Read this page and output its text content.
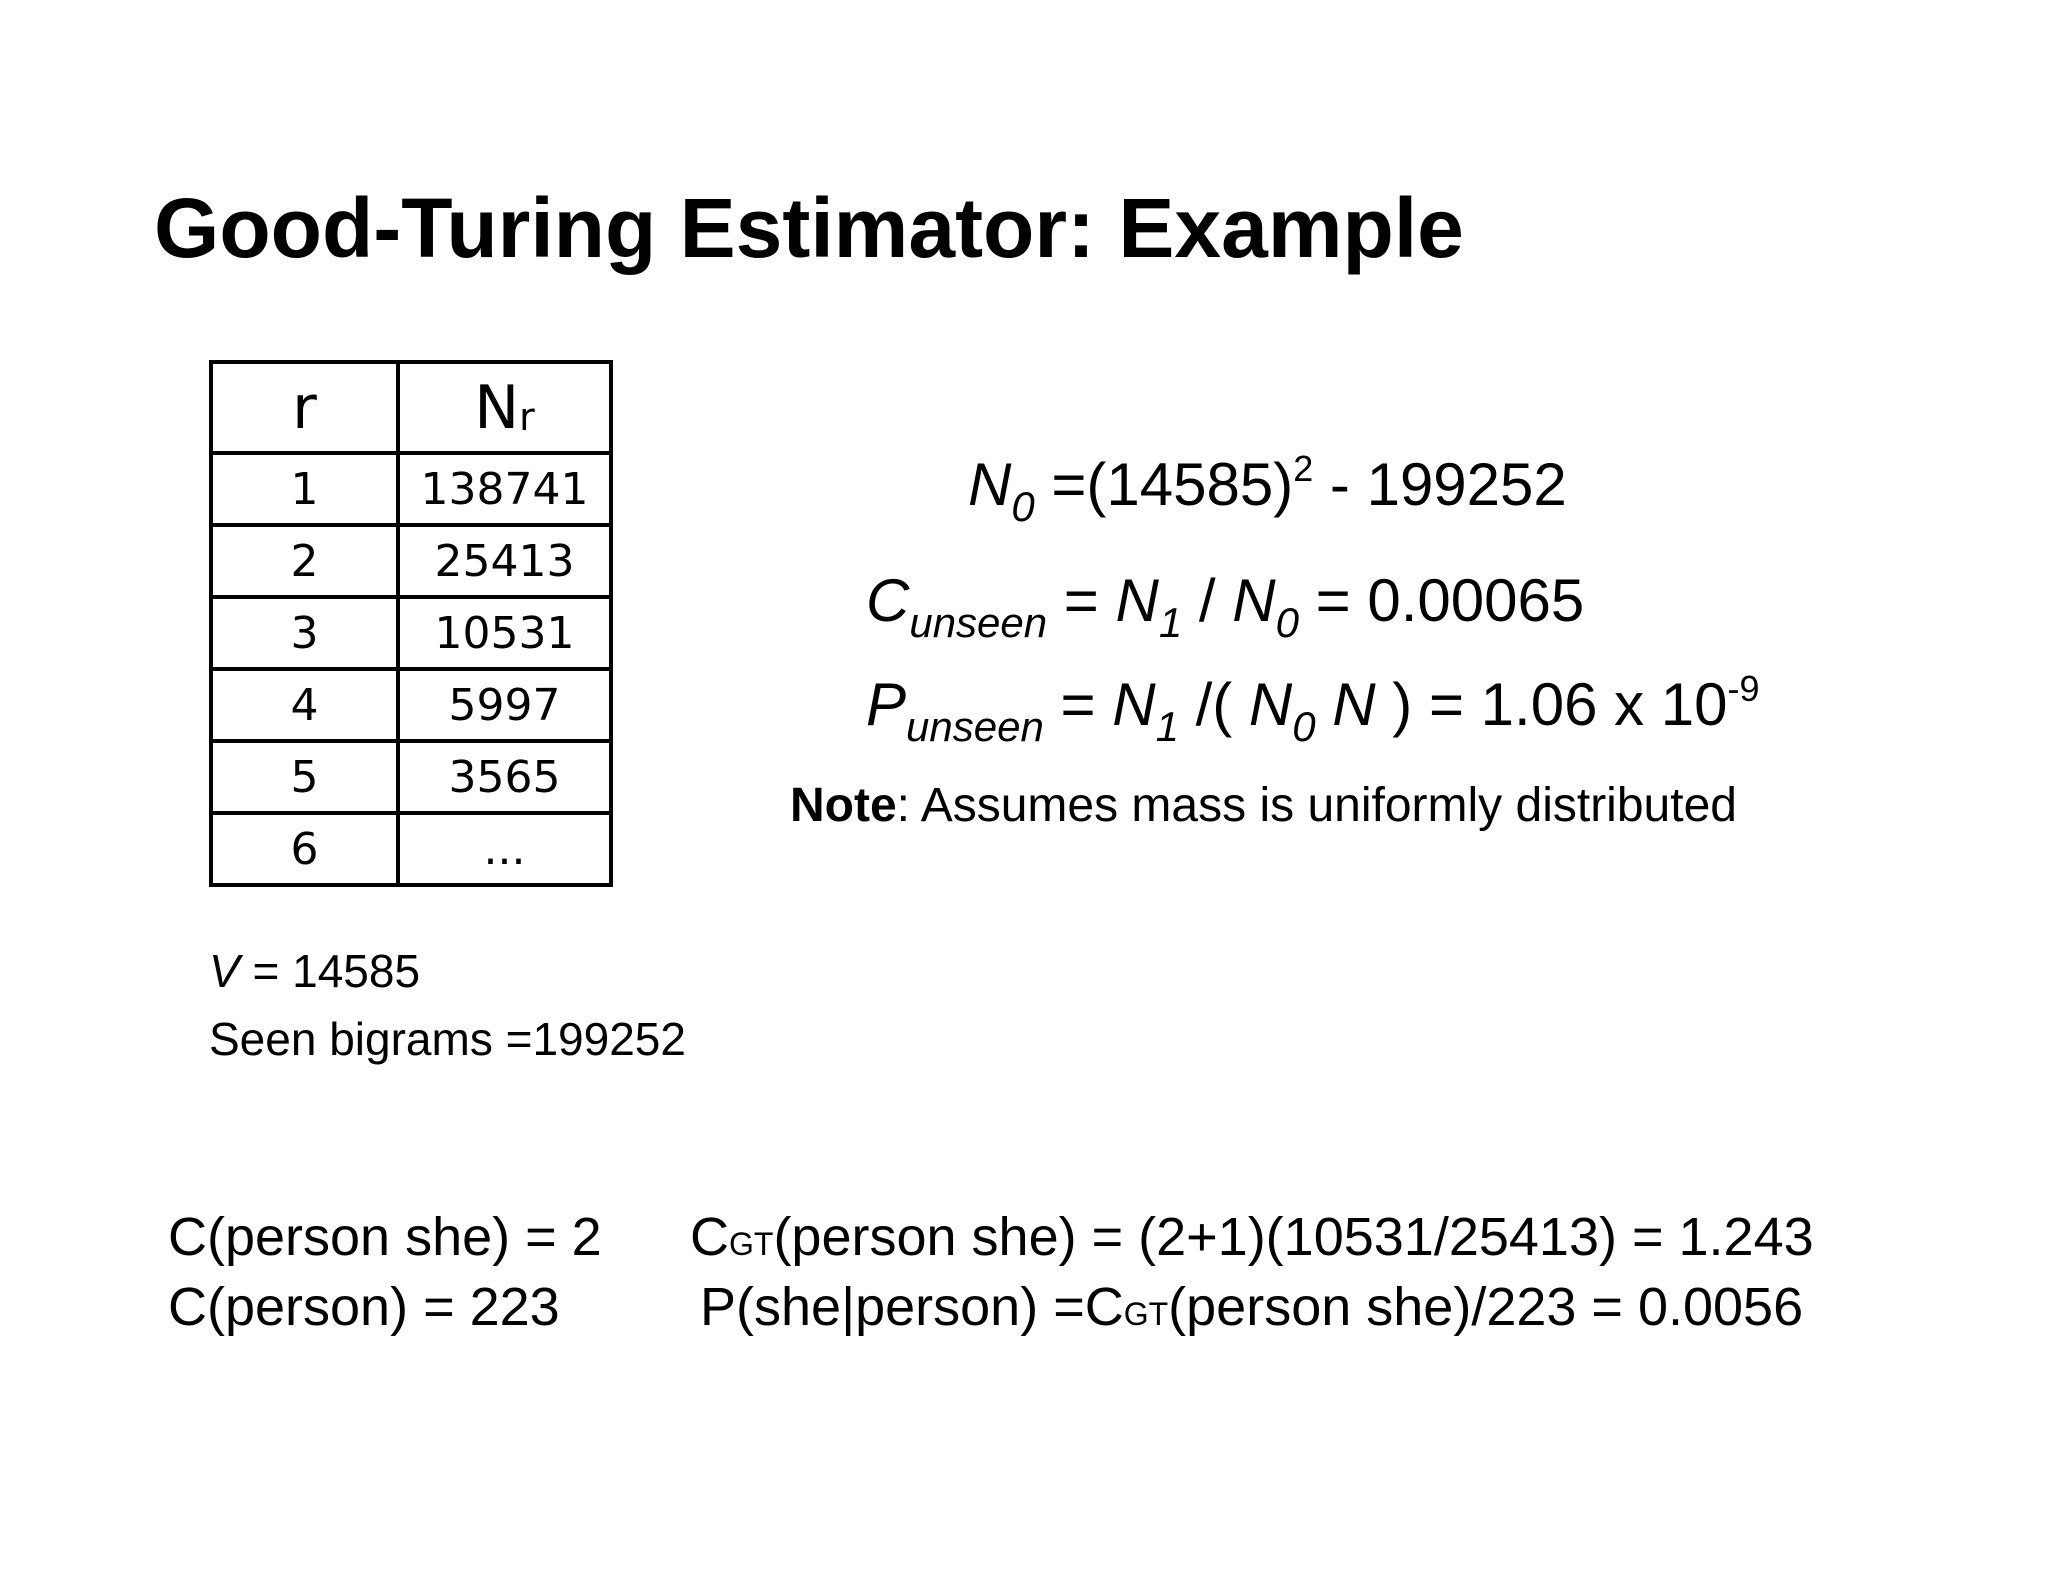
Good-Turing Estimator: Example
r	$N_r$
1	138741
2	25413
3	10531
4	5997
5	3565
6	...
V = 14585
Seen bigrams =199252
$N_0 =(14585)^2 - 199252$
$C_{unseen} = N_1 / N_0 = 0.00065$
$P_{unseen} = N_1$ /( $N_0$ N ) = 1.06 x $10^{-9}$
Note: Assumes mass is uniformly distributed
C(person she) = 2
C(person) = 223
CGT(person she) = (2+1)(10531/25413) = 1.243
P(she|person) =CGT(person she)/223 = 0.0056
